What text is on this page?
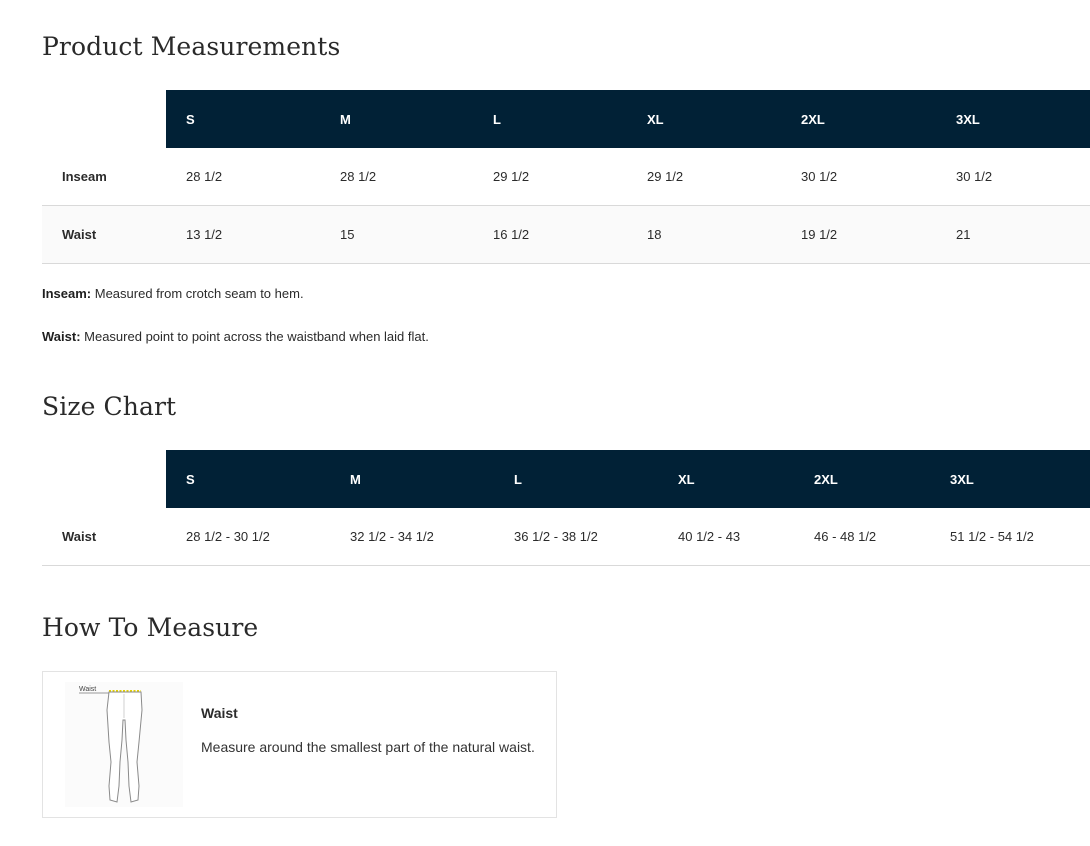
Product Measurements
	S	M	L	XL	2XL	3XL
Inseam	28 1/2	28 1/2	29 1/2	29 1/2	30 1/2	30 1/2
Waist	13 1/2	15	16 1/2	18	19 1/2	21

Inseam: Measured from crotch seam to hem.

Waist: Measured point to point across the waistband when laid flat.

Size Chart
	S	M	L	XL	2XL	3XL
Waist	28 1/2 - 30 1/2	32 1/2 - 34 1/2	36 1/2 - 38 1/2	40 1/2 - 43	46 - 48 1/2	51 1/2 - 54 1/2
How To Measure
Waist
Waist
Measure around the smallest part of the natural waist.
